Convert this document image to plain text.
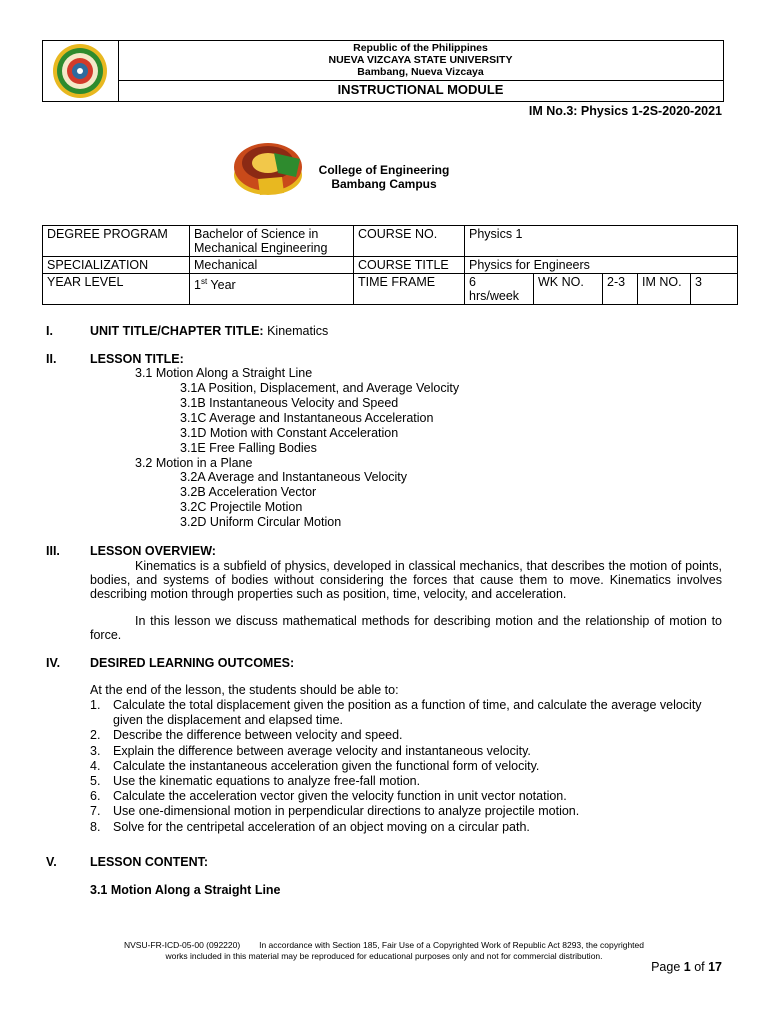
Republic of the Philippines
NUEVA VIZCAYA STATE UNIVERSITY
Bambang, Nueva Vizcaya
INSTRUCTIONAL MODULE
IM No.3: Physics 1-2S-2020-2021
College of Engineering
Bambang Campus
DEGREE PROGRAM	Bachelor of Science in Mechanical Engineering	COURSE NO.	Physics 1				
SPECIALIZATION	Mechanical	COURSE TITLE	Physics for Engineers				
YEAR LEVEL	1st Year	TIME FRAME	6 hrs/week	WK NO.	2-3	IM NO.	3
I.	UNIT TITLE/CHAPTER TITLE: Kinematics
II.	LESSON TITLE:
3.1 Motion Along a Straight Line
3.1A Position, Displacement, and Average Velocity
3.1B Instantaneous Velocity and Speed
3.1C Average and Instantaneous Acceleration
3.1D Motion with Constant Acceleration
3.1E Free Falling Bodies
3.2 Motion in a Plane
3.2A Average and Instantaneous Velocity
3.2B Acceleration Vector
3.2C Projectile Motion
3.2D Uniform Circular Motion
III. LESSON OVERVIEW:
Kinematics is a subfield of physics, developed in classical mechanics, that describes the motion of points, bodies, and systems of bodies without considering the forces that cause them to move. Kinematics involves describing motion through properties such as position, time, velocity, and acceleration.
In this lesson we discuss mathematical methods for describing motion and the relationship of motion to force.
IV. DESIRED LEARNING OUTCOMES:
At the end of the lesson, the students should be able to:
1. Calculate the total displacement given the position as a function of time, and calculate the average velocity given the displacement and elapsed time.
2. Describe the difference between velocity and speed.
3. Explain the difference between average velocity and instantaneous velocity.
4. Calculate the instantaneous acceleration given the functional form of velocity.
5. Use the kinematic equations to analyze free-fall motion.
6. Calculate the acceleration vector given the velocity function in unit vector notation.
7. Use one-dimensional motion in perpendicular directions to analyze projectile motion.
8. Solve for the centripetal acceleration of an object moving on a circular path.
V.	LESSON CONTENT:
3.1 Motion Along a Straight Line
NVSU-FR-ICD-05-00 (092220)        In accordance with Section 185, Fair Use of a Copyrighted Work of Republic Act 8293, the copyrighted
works included in this material may be reproduced for educational purposes only and not for commercial distribution.
Page 1 of 17
